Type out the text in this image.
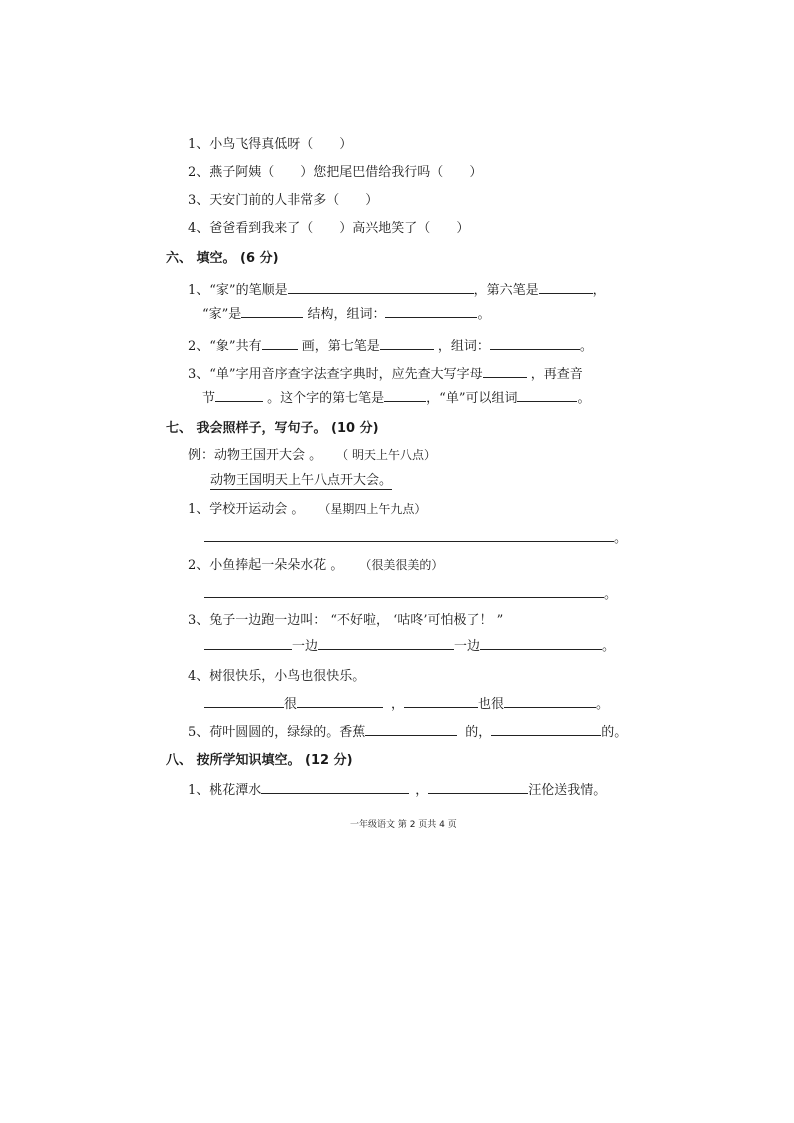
1、小鸟飞得真低呀（ ）
2、燕子阿姨（ ）您把尾巴借给我行吗（ ）
3、天安门前的人非常多（ ）
4、爸爸看到我来了（ ）高兴地笑了（ ）
六、 填空。 (6 分)
1、“家”的笔顺是	，第六笔是	，
“家”是	结构，组词：	。
2、“象”共有	画，第七笔是	，组词：	。
3、“单”字用音序查字法查字典时，应先查大写字母	，再查音
节	。这个字的第七笔是	，“单”可以组词	。
七、 我会照样子，写句子。 (10 分)
例：动物王国开大会 。 （ 明天上午八点）
动物王国明天上午八点开大会。
1、学校开运动会 。 （星期四上午九点）
。
2、小鱼捧起一朵朵水花 。 （很美很美的）
。
3、兔子一边跑一边叫： “不好啦， ‘咕咚’可怕极了！ ”
一边	一边	。
4、树很快乐，小鸟也很快乐。
很	，	也很	。
5、荷叶圆圆的，绿绿的。香蕉	的，	的。
八、 按所学知识填空。 (12 分)
1、桃花潭水	，	汪伦送我情。
一年级语文 第 2 页共 4 页
